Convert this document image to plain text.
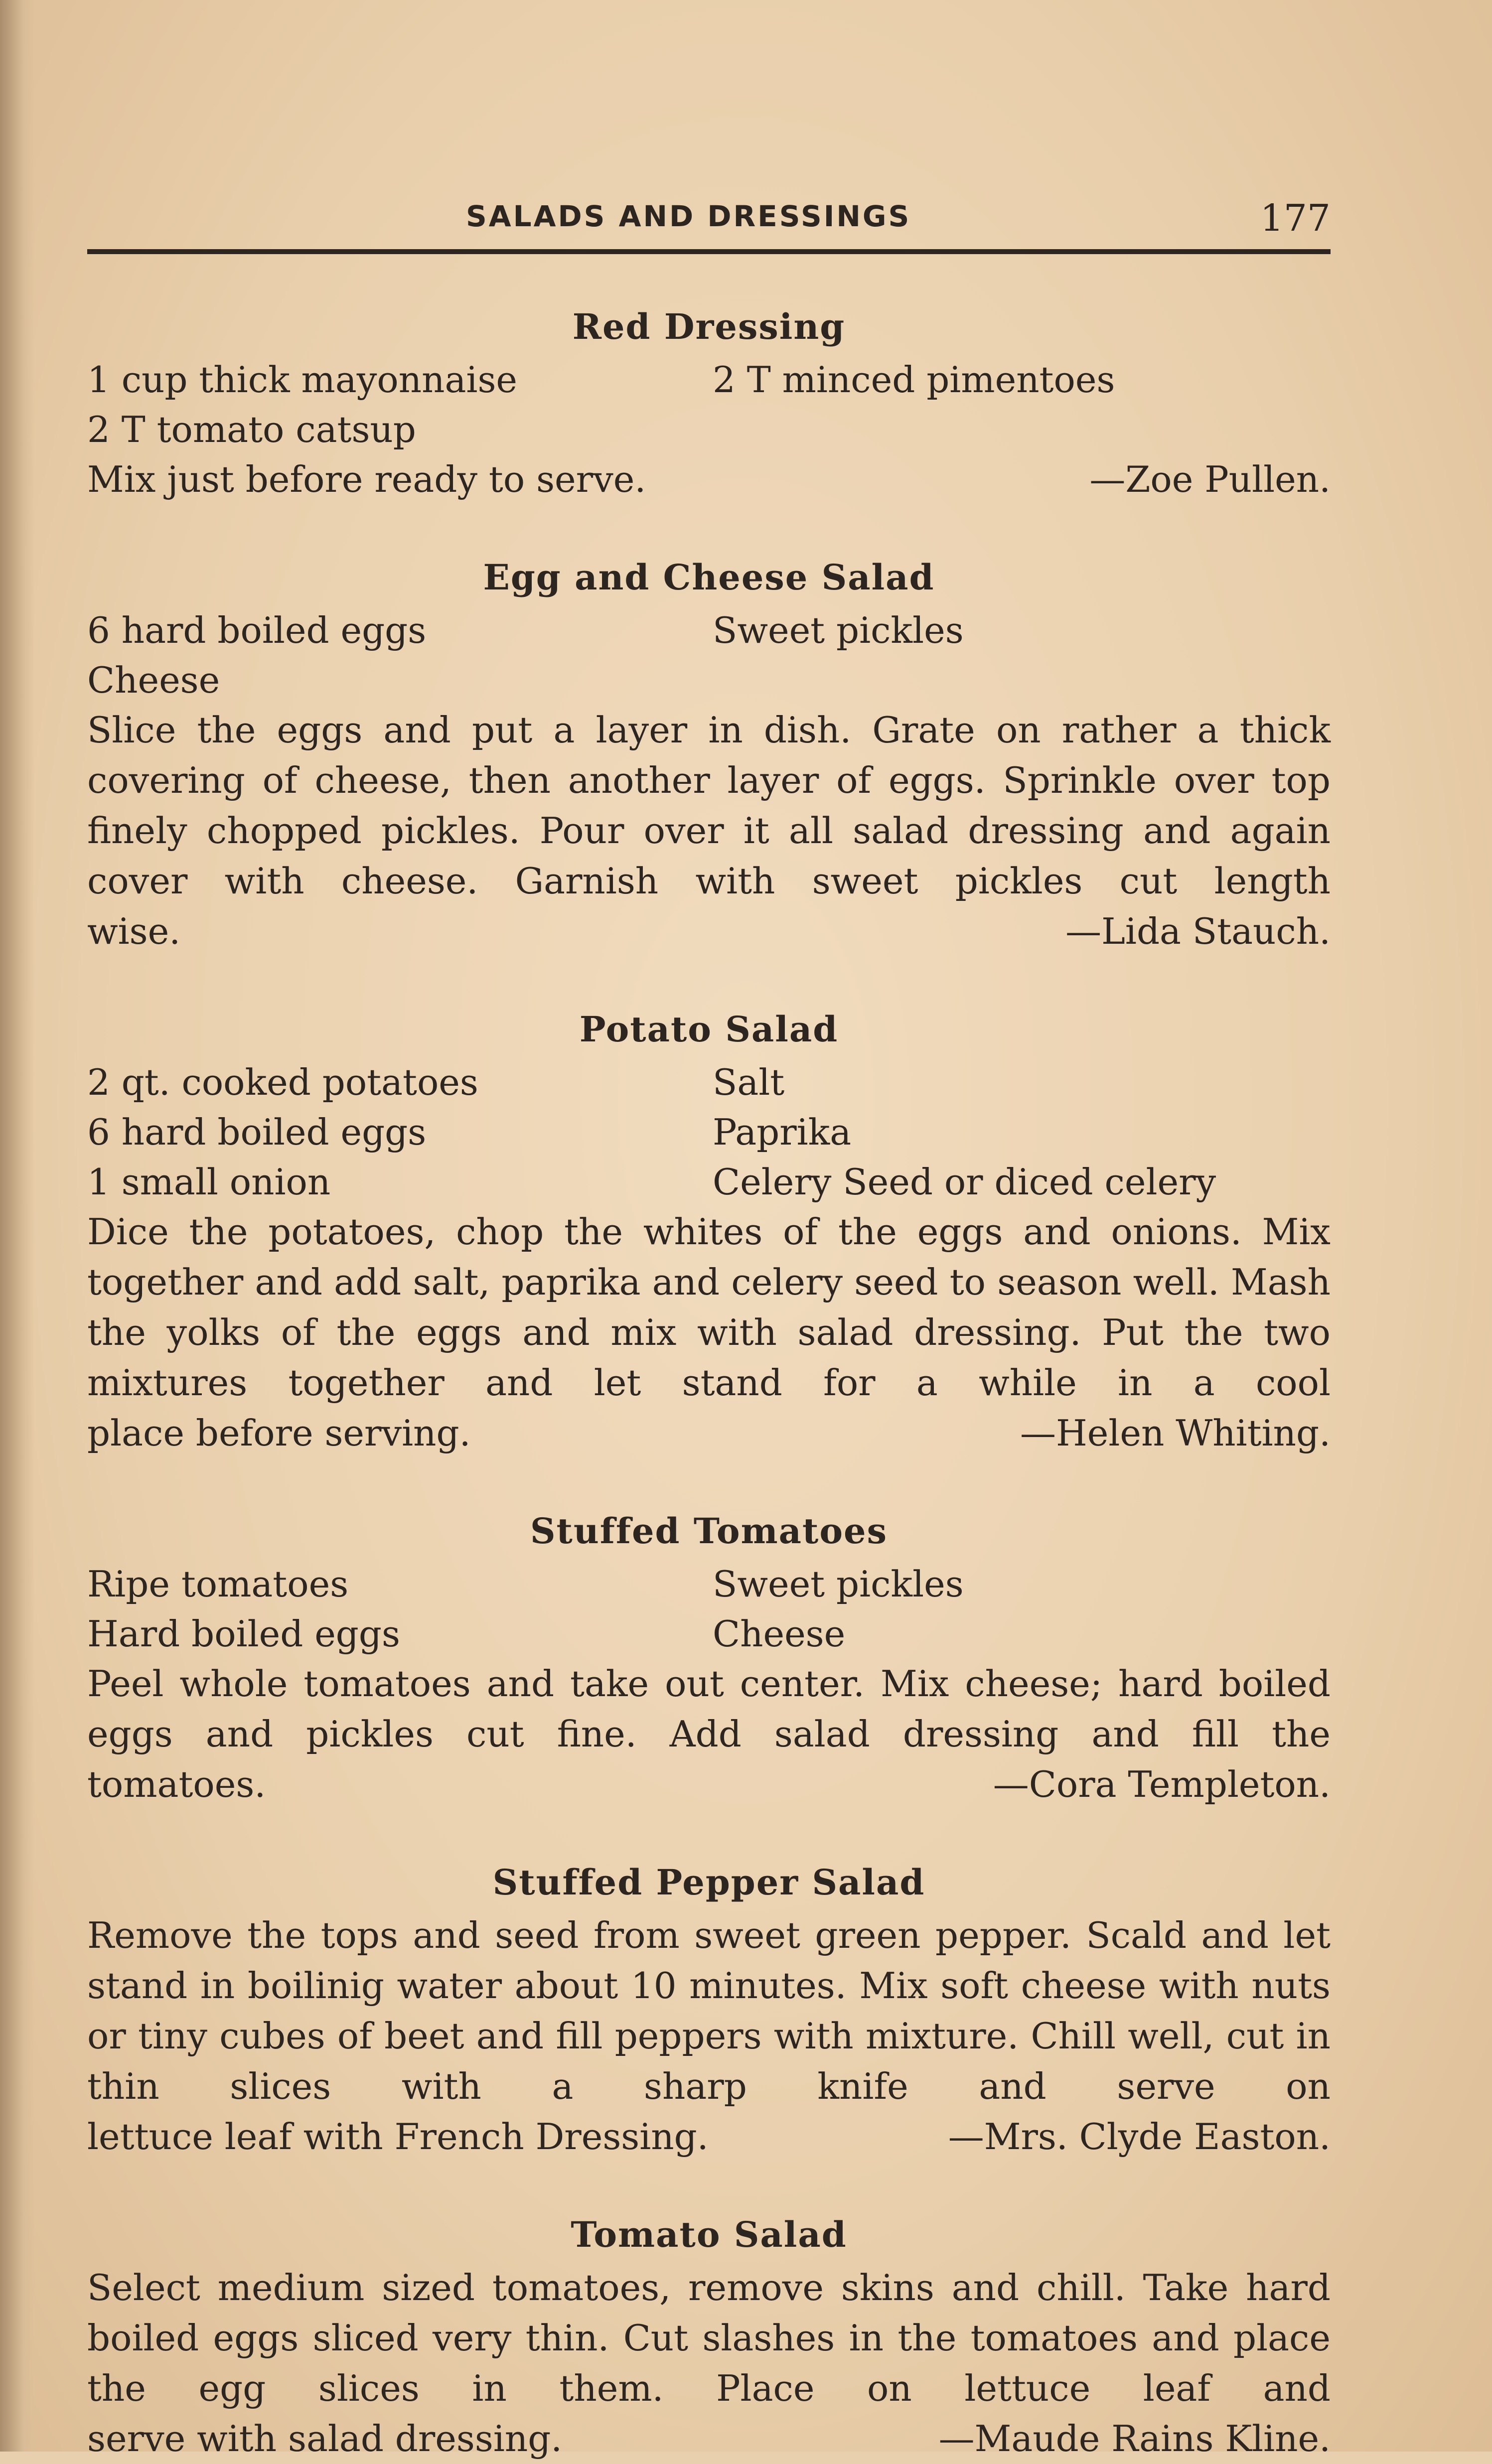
SALADS AND DRESSINGS	177
Red Dressing
1 cup thick mayonnaise	2 T minced pimentoes
2 T tomato catsup
Mix just before ready to serve.	—Zoe Pullen.
Egg and Cheese Salad
6 hard boiled eggs	Sweet pickles
Cheese
Slice the eggs and put a layer in dish. Grate on rather a thick covering of cheese, then another layer of eggs. Sprinkle over top finely chopped pickles. Pour over it all salad dressing and again cover with cheese. Garnish with sweet pickles cut length
wise.	—Lida Stauch.
Potato Salad
2 qt. cooked potatoes	Salt
6 hard boiled eggs	Paprika
1 small onion	Celery Seed or diced celery
Dice the potatoes, chop the whites of the eggs and onions. Mix together and add salt, paprika and celery seed to season well. Mash the yolks of the eggs and mix with salad dressing. Put the two mixtures together and let stand for a while in a cool
place before serving.	—Helen Whiting.
Stuffed Tomatoes
Ripe tomatoes	Sweet pickles
Hard boiled eggs	Cheese
Peel whole tomatoes and take out center. Mix cheese; hard boiled eggs and pickles cut fine. Add salad dressing and fill the
tomatoes.	—Cora Templeton.
Stuffed Pepper Salad
Remove the tops and seed from sweet green pepper. Scald and let stand in boilinig water about 10 minutes. Mix soft cheese with nuts or tiny cubes of beet and fill peppers with mixture. Chill well, cut in thin slices with a sharp knife and serve on
lettuce leaf with French Dressing.	—Mrs. Clyde Easton.
Tomato Salad
Select medium sized tomatoes, remove skins and chill. Take hard boiled eggs sliced very thin. Cut slashes in the tomatoes and place the egg slices in them. Place on lettuce leaf and
serve with salad dressing.	—Maude Rains Kline.
